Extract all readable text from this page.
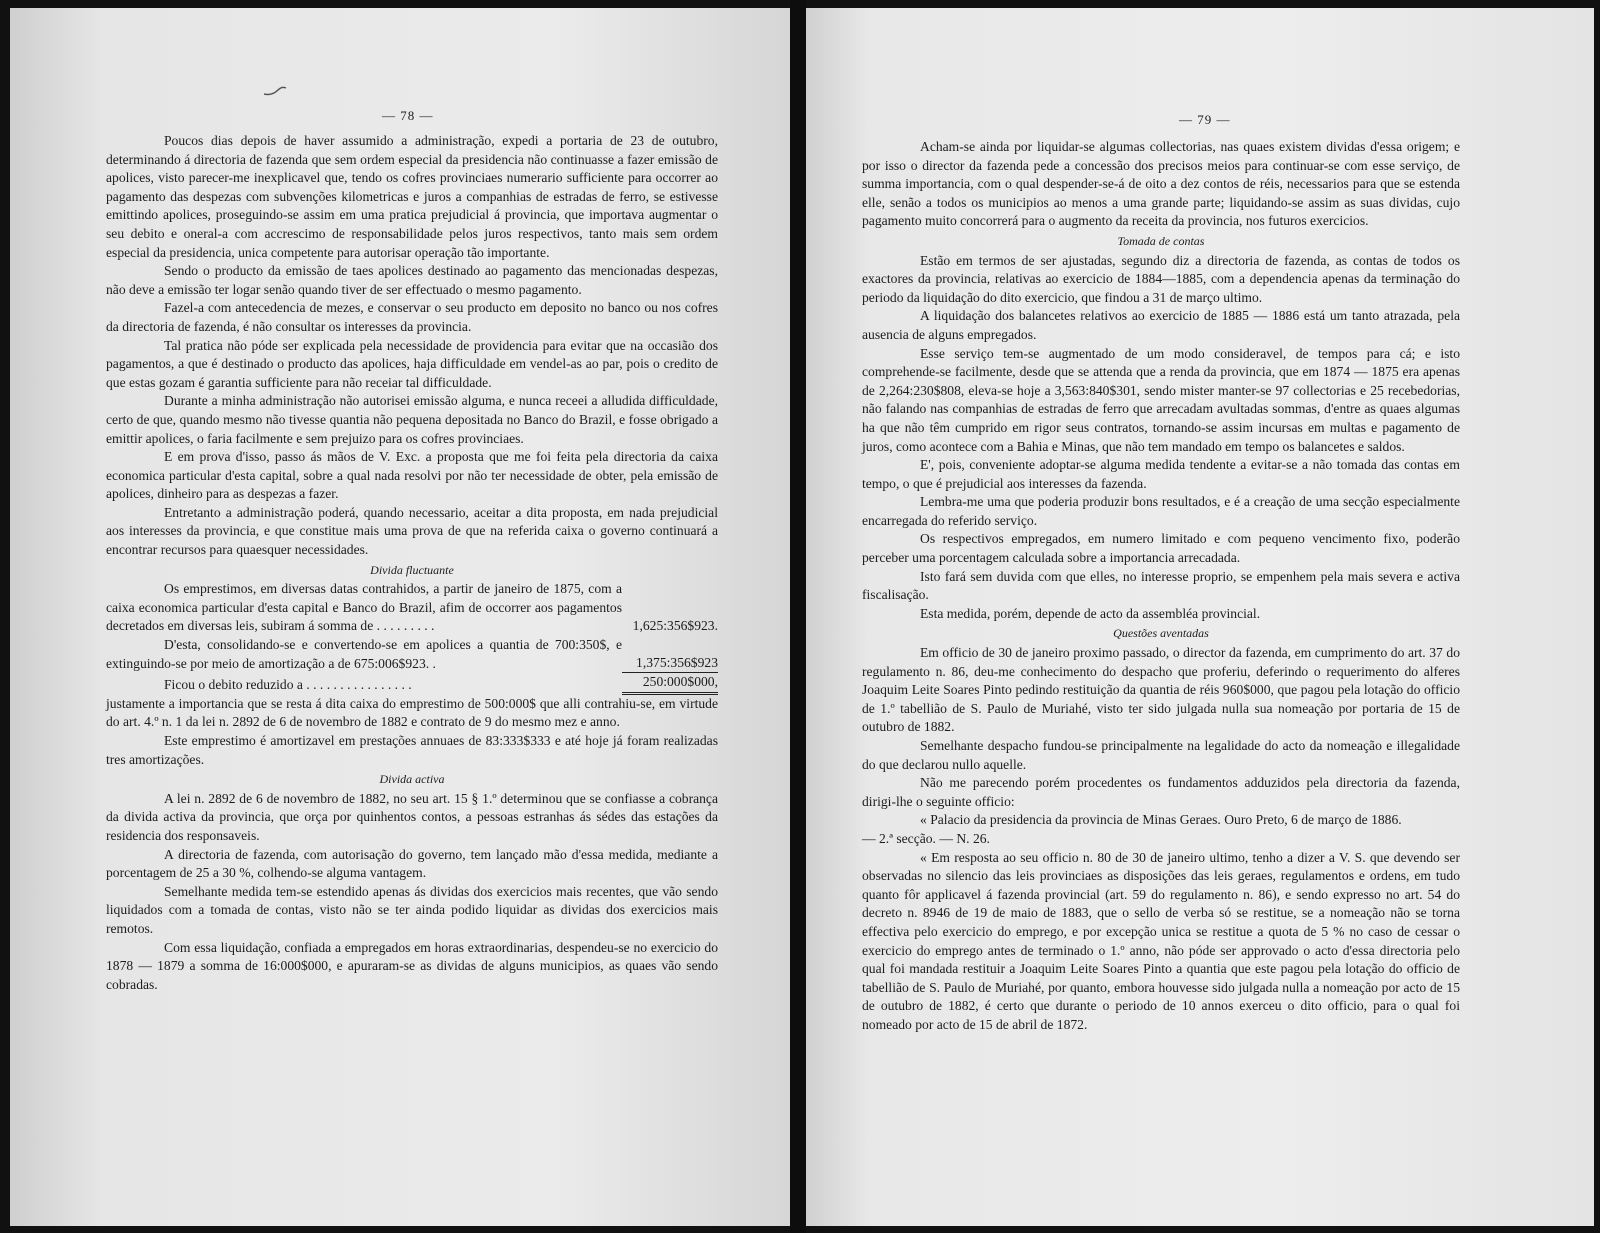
— 78 —

Poucos dias depois de haver assumido a administração, expedi a portaria de 23 de outubro, determinando á directoria de fazenda que sem ordem especial da presidencia não continuasse a fazer emissão de apolices, visto parecer-me inexplicavel que, tendo os cofres provinciaes numerario sufficiente para occorrer ao pagamento das despezas com subvenções kilometricas e juros a companhias de estradas de ferro, se estivesse emittindo apolices, proseguindo-se assim em uma pratica prejudicial á provincia, que importava augmentar o seu debito e oneral-a com accrescimo de responsabilidade pelos juros respectivos, tanto mais sem ordem especial da presidencia, unica competente para autorisar operação tão importante.

Sendo o producto da emissão de taes apolices destinado ao pagamento das mencionadas despezas, não deve a emissão ter logar senão quando tiver de ser effectuado o mesmo pagamento.

Fazel-a com antecedencia de mezes, e conservar o seu producto em deposito no banco ou nos cofres da directoria de fazenda, é não consultar os interesses da provincia.

Tal pratica não póde ser explicada pela necessidade de providencia para evitar que na occasião dos pagamentos, a que é destinado o producto das apolices, haja difficuldade em vendel-as ao par, pois o credito de que estas gozam é garantia sufficiente para não receiar tal difficuldade.

Durante a minha administração não autorisei emissão alguma, e nunca receei a alludida difficuldade, certo de que, quando mesmo não tivesse quantia não pequena depositada no Banco do Brazil, e fosse obrigado a emittir apolices, o faria facilmente e sem prejuizo para os cofres provinciaes.

E em prova d'isso, passo ás mãos de V. Exc. a proposta que me foi feita pela directoria da caixa economica particular d'esta capital, sobre a qual nada resolvi por não ter necessidade de obter, pela emissão de apolices, dinheiro para as despezas a fazer.

Entretanto a administração poderá, quando necessario, aceitar a dita proposta, em nada prejudicial aos interesses da provincia, e que constitue mais uma prova de que na referida caixa o governo continuará a encontrar recursos para quaesquer necessidades.

Divida fluctuante

Os emprestimos, em diversas datas contrahidos, a partir de janeiro de 1875, com a caixa economica particular d'esta capital e Banco do Brazil, afim de occorrer aos pagamentos decretados em diversas leis, subiram á somma de . . . . . . . . .	1,625:356$923.

D'esta, consolidando-se e convertendo-se em apolices a quantia de 700:350$, e extinguindo-se por meio de amortização a de 675:006$923. .	1,375:356$923

Ficou o debito reduzido a . . . . . . . . . . . . . . . .	250:000$000,

justamente a importancia que se resta á dita caixa do emprestimo de 500:000$ que alli contrahiu-se, em virtude do art. 4.º n. 1 da lei n. 2892 de 6 de novembro de 1882 e contrato de 9 do mesmo mez e anno.

Este emprestimo é amortizavel em prestações annuaes de 83:333$333 e até hoje já foram realizadas tres amortizações.

Divida activa

A lei n. 2892 de 6 de novembro de 1882, no seu art. 15 § 1.º determinou que se confiasse a cobrança da divida activa da provincia, que orça por quinhentos contos, a pessoas estranhas ás sédes das estações da residencia dos responsaveis.

A directoria de fazenda, com autorisação do governo, tem lançado mão d'essa medida, mediante a porcentagem de 25 a 30 %, colhendo-se alguma vantagem.

Semelhante medida tem-se estendido apenas ás dividas dos exercicios mais recentes, que vão sendo liquidados com a tomada de contas, visto não se ter ainda podido liquidar as dividas dos exercicios mais remotos.

Com essa liquidação, confiada a empregados em horas extraordinarias, despendeu-se no exercicio do 1878 — 1879 a somma de 16:000$000, e apuraram-se as dividas de alguns municipios, as quaes vão sendo cobradas.

— 79 —

Acham-se ainda por liquidar-se algumas collectorias, nas quaes existem dividas d'essa origem; e por isso o director da fazenda pede a concessão dos precisos meios para continuar-se com esse serviço, de summa importancia, com o qual despender-se-á de oito a dez contos de réis, necessarios para que se estenda elle, senão a todos os municipios ao menos a uma grande parte; liquidando-se assim as suas dividas, cujo pagamento muito concorrerá para o augmento da receita da provincia, nos futuros exercicios.

Tomada de contas

Estão em termos de ser ajustadas, segundo diz a directoria de fazenda, as contas de todos os exactores da provincia, relativas ao exercicio de 1884—1885, com a dependencia apenas da terminação do periodo da liquidação do dito exercicio, que findou a 31 de março ultimo.

A liquidação dos balancetes relativos ao exercicio de 1885 — 1886 está um tanto atrazada, pela ausencia de alguns empregados.

Esse serviço tem-se augmentado de um modo consideravel, de tempos para cá; e isto comprehende-se facilmente, desde que se attenda que a renda da provincia, que em 1874 — 1875 era apenas de 2,264:230$808, eleva-se hoje a 3,563:840$301, sendo mister manter-se 97 collectorias e 25 recebedorias, não falando nas companhias de estradas de ferro que arrecadam avultadas sommas, d'entre as quaes algumas ha que não têm cumprido em rigor seus contratos, tornando-se assim incursas em multas e pagamento de juros, como acontece com a Bahia e Minas, que não tem mandado em tempo os balancetes e saldos.

E', pois, conveniente adoptar-se alguma medida tendente a evitar-se a não tomada das contas em tempo, o que é prejudicial aos interesses da fazenda.

Lembra-me uma que poderia produzir bons resultados, e é a creação de uma secção especialmente encarregada do referido serviço.

Os respectivos empregados, em numero limitado e com pequeno vencimento fixo, poderão perceber uma porcentagem calculada sobre a importancia arrecadada.

Isto fará sem duvida com que elles, no interesse proprio, se empenhem pela mais severa e activa fiscalisação.

Esta medida, porém, depende de acto da assembléa provincial.

Questões aventadas

Em officio de 30 de janeiro proximo passado, o director da fazenda, em cumprimento do art. 37 do regulamento n. 86, deu-me conhecimento do despacho que proferiu, deferindo o requerimento do alferes Joaquim Leite Soares Pinto pedindo restituição da quantia de réis 960$000, que pagou pela lotação do officio de 1.º tabellião de S. Paulo de Muriahé, visto ter sido julgada nulla sua nomeação por portaria de 15 de outubro de 1882.

Semelhante despacho fundou-se principalmente na legalidade do acto da nomeação e illegalidade do que declarou nullo aquelle.

Não me parecendo porém procedentes os fundamentos adduzidos pela directoria da fazenda, dirigi-lhe o seguinte officio:

« Palacio da presidencia da provincia de Minas Geraes. Ouro Preto, 6 de março de 1886.

— 2.ª secção. — N. 26.

« Em resposta ao seu officio n. 80 de 30 de janeiro ultimo, tenho a dizer a V. S. que devendo ser observadas no silencio das leis provinciaes as disposições das leis geraes, regulamentos e ordens, em tudo quanto fôr applicavel á fazenda provincial (art. 59 do regulamento n. 86), e sendo expresso no art. 54 do decreto n. 8946 de 19 de maio de 1883, que o sello de verba só se restitue, se a nomeação não se torna effectiva pelo exercicio do emprego, e por excepção unica se restitue a quota de 5 % no caso de cessar o exercicio do emprego antes de terminado o 1.º anno, não póde ser approvado o acto d'essa directoria pelo qual foi mandada restituir a Joaquim Leite Soares Pinto a quantia que este pagou pela lotação do officio de tabellião de S. Paulo de Muriahé, por quanto, embora houvesse sido julgada nulla a nomeação por acto de 15 de outubro de 1882, é certo que durante o periodo de 10 annos exerceu o dito officio, para o qual foi nomeado por acto de 15 de abril de 1872.
